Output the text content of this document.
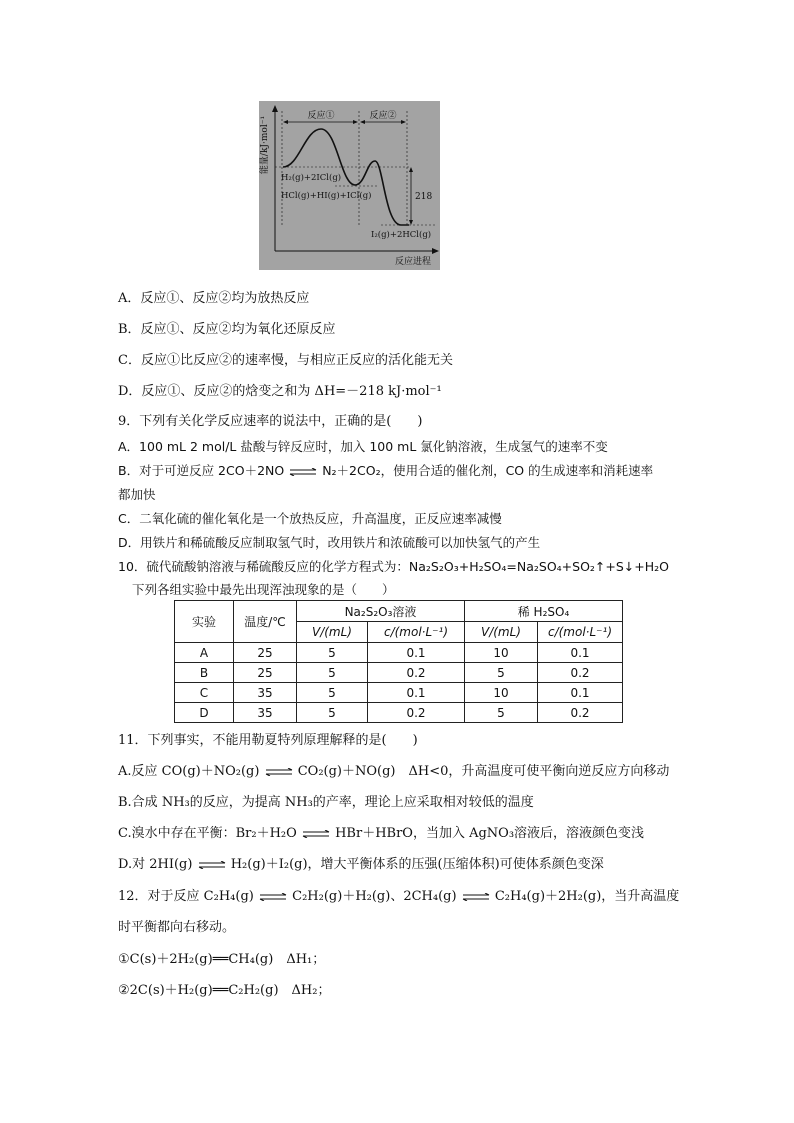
能量/kJ·mol⁻¹
反应进程
反应①	反应②
218
H₂(g)+2ICl(g)
HCl(g)+HI(g)+ICl(g)
I₂(g)+2HCl(g)
A．反应①、反应②均为放热反应
B．反应①、反应②均为氧化还原反应
C．反应①比反应②的速率慢，与相应正反应的活化能无关
D．反应①、反应②的焓变之和为 ΔH=－218 kJ·mol⁻¹
9．下列有关化学反应速率的说法中，正确的是(　　)
A．100 mL 2 mol/L 盐酸与锌反应时，加入 100 mL 氯化钠溶液，生成氢气的速率不变
B．对于可逆反应 2CO＋2NO ⇌ N₂＋2CO₂，使用合适的催化剂，CO 的生成速率和消耗速率
都加快
C．二氧化硫的催化氧化是一个放热反应，升高温度，正反应速率减慢
D．用铁片和稀硫酸反应制取氢气时，改用铁片和浓硫酸可以加快氢气的产生
10．硫代硫酸钠溶液与稀硫酸反应的化学方程式为：Na₂S₂O₃+H₂SO₄=Na₂SO₄+SO₂↑+S↓+H₂O
下列各组实验中最先出现浑浊现象的是（　　）
实验	温度/℃	Na₂S₂O₃溶液		稀 H₂SO₄	
		V/(mL)	c/(mol·L⁻¹)	V/(mL)	c/(mol·L⁻¹)
A	25	5	0.1	10	0.1
B	25	5	0.2	5	0.2
C	35	5	0.1	10	0.1
D	35	5	0.2	5	0.2
11．下列事实，不能用勒夏特列原理解释的是(　　)
A.反应 CO(g)＋NO₂(g) ⇌ CO₂(g)＋NO(g)　ΔH<0，升高温度可使平衡向逆反应方向移动
B.合成 NH₃的反应，为提高 NH₃的产率，理论上应采取相对较低的温度
C.溴水中存在平衡：Br₂＋H₂O ⇌ HBr＋HBrO，当加入 AgNO₃溶液后，溶液颜色变浅
D.对 2HI(g) ⇌ H₂(g)＋I₂(g)，增大平衡体系的压强(压缩体积)可使体系颜色变深
12．对于反应 C₂H₄(g) ⇌ C₂H₂(g)＋H₂(g)、2CH₄(g) ⇌ C₂H₄(g)＋2H₂(g)，当升高温度
时平衡都向右移动。
①C(s)＋2H₂(g)══CH₄(g)　ΔH₁；
②2C(s)＋H₂(g)══C₂H₂(g)　ΔH₂；
